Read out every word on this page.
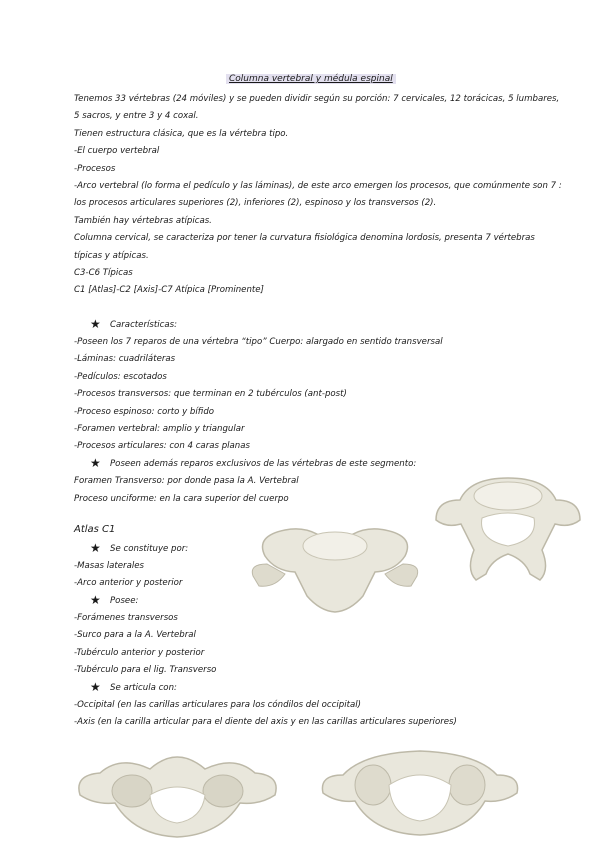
Columna vertebral y médula espinal
Tenemos 33 vértebras (24 móviles) y se pueden dividir según su porción: 7 cervicales, 12 torácicas, 5 lumbares,
5 sacros, y entre 3 y 4 coxal.
Tienen estructura clásica, que es la vértebra tipo.
-El cuerpo vertebral
-Procesos
-Arco vertebral (lo forma el pedículo y las láminas), de este arco emergen los procesos, que comúnmente son 7 :
los procesos articulares superiores (2), inferiores (2), espinoso y los transversos (2).
También hay vértebras atípicas.
Columna cervical, se caracteriza por tener la curvatura fisiológica denomina lordosis, presenta 7 vértebras
típicas y atípicas.
C3-C6 Típicas
C1 [Atlas]-C2 [Axis]-C7 Atípica [Prominente]
★ Características:
-Poseen los 7 reparos de una vértebra “tipo” Cuerpo: alargado en sentido transversal
-Láminas: cuadriláteras
-Pedículos: escotados
-Procesos transversos: que terminan en 2 tubérculos (ant-post)
-Proceso espinoso: corto y bífido
-Foramen vertebral: amplio y triangular
-Procesos articulares: con 4 caras planas
★ Poseen además reparos exclusivos de las vértebras de este segmento:
Foramen Transverso: por donde pasa la A. Vertebral
Proceso unciforme: en la cara superior del cuerpo
Atlas C1
★ Se constituye por:
-Masas laterales
-Arco anterior y posterior
★ Posee:
-Forámenes transversos
-Surco para a la A. Vertebral
-Tubérculo anterior y posterior
-Tubérculo para el lig. Transverso
★ Se articula con:
-Occipital (en las carillas articulares para los cóndilos del occipital)
-Axis (en la carilla articular para el diente del axis y en las carillas articulares superiores)
